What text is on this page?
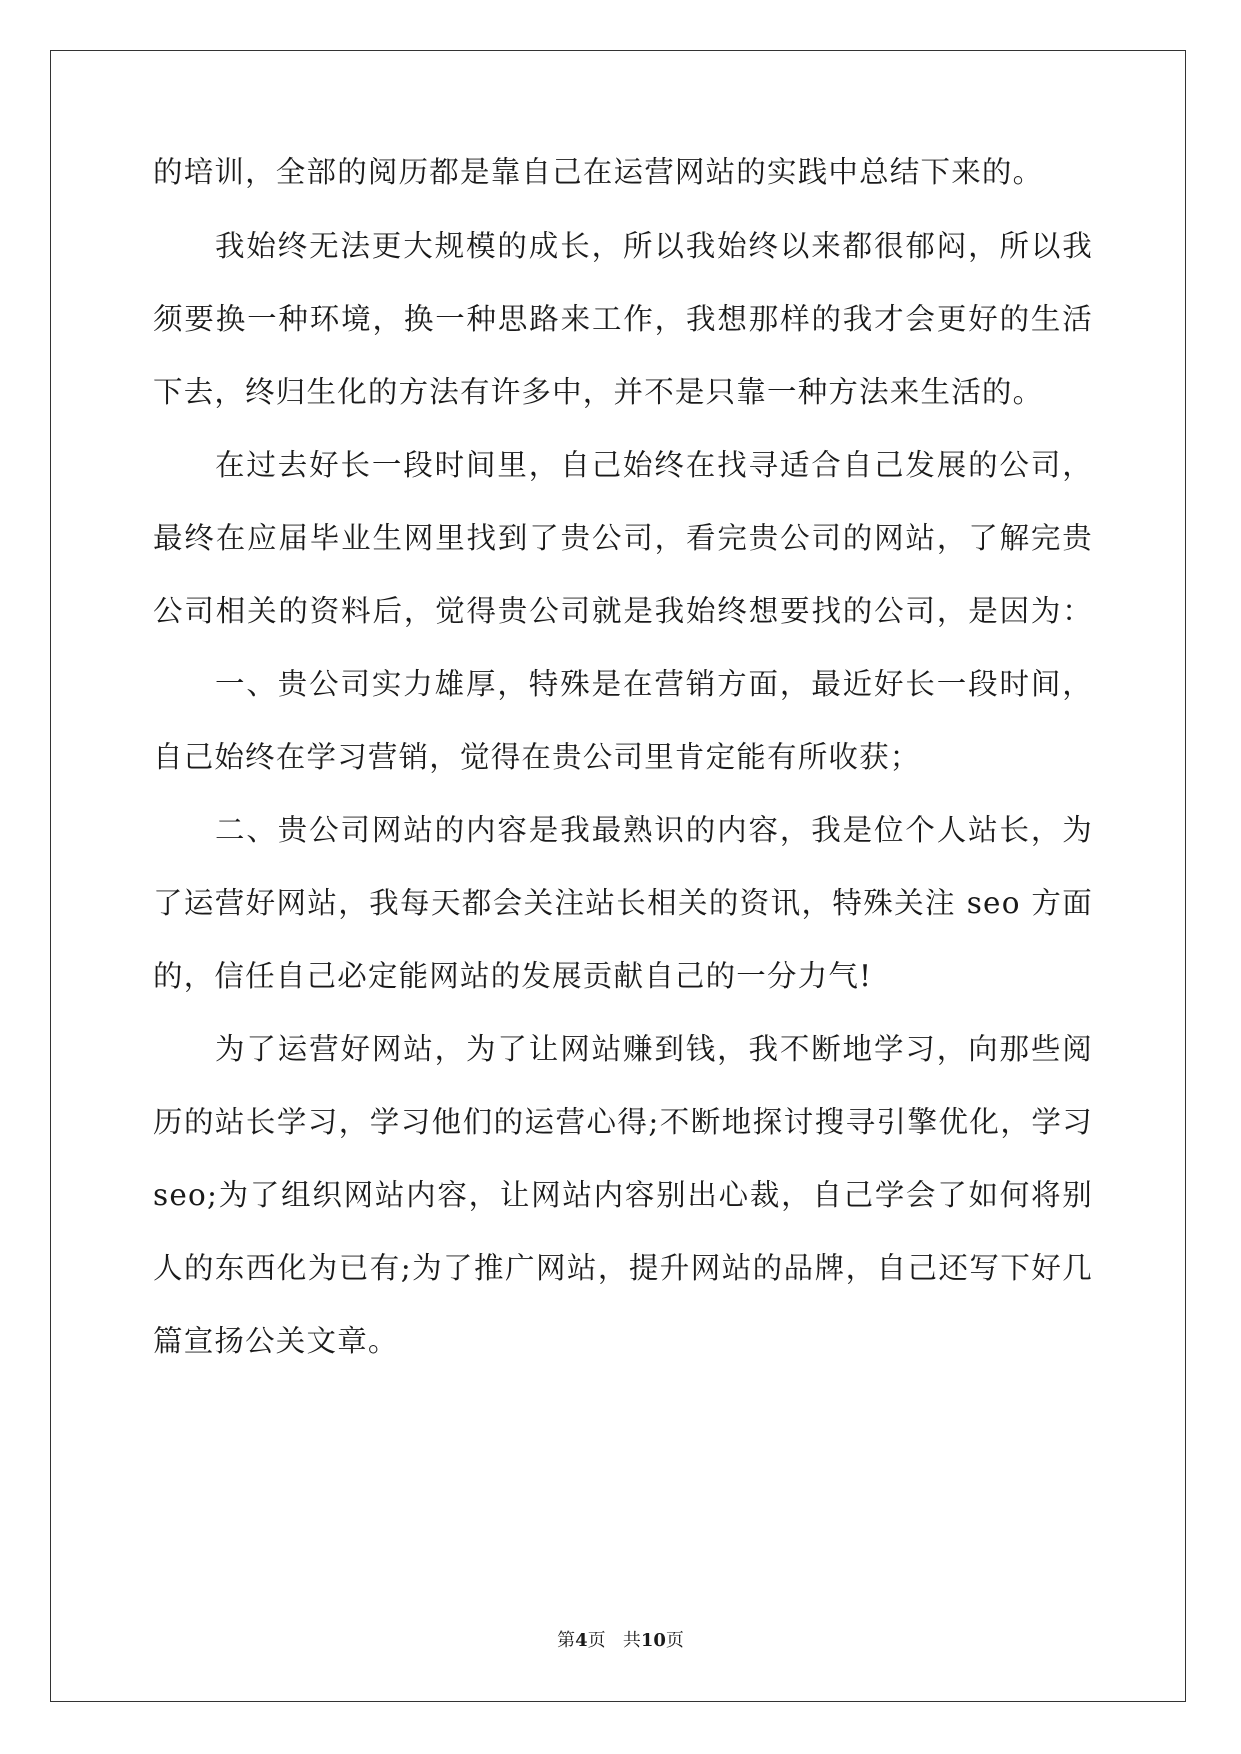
的培训，全部的阅历都是靠自己在运营网站的实践中总结下来的。
我始终无法更大规模的成长，所以我始终以来都很郁闷，所以我
须要换一种环境，换一种思路来工作，我想那样的我才会更好的生活
下去，终归生化的方法有许多中，并不是只靠一种方法来生活的。
在过去好长一段时间里，自己始终在找寻适合自己发展的公司，
最终在应届毕业生网里找到了贵公司，看完贵公司的网站，了解完贵
公司相关的资料后，觉得贵公司就是我始终想要找的公司，是因为：
一、贵公司实力雄厚，特殊是在营销方面，最近好长一段时间，
自己始终在学习营销，觉得在贵公司里肯定能有所收获；
二、贵公司网站的内容是我最熟识的内容，我是位个人站长，为
了运营好网站，我每天都会关注站长相关的资讯，特殊关注 seo 方面
的，信任自己必定能网站的发展贡献自己的一分力气!
为了运营好网站，为了让网站赚到钱，我不断地学习，向那些阅
历的站长学习，学习他们的运营心得;不断地探讨搜寻引擎优化，学习
seo;为了组织网站内容，让网站内容别出心裁，自己学会了如何将别
人的东西化为已有;为了推广网站，提升网站的品牌，自己还写下好几
篇宣扬公关文章。
第4页 共10页
